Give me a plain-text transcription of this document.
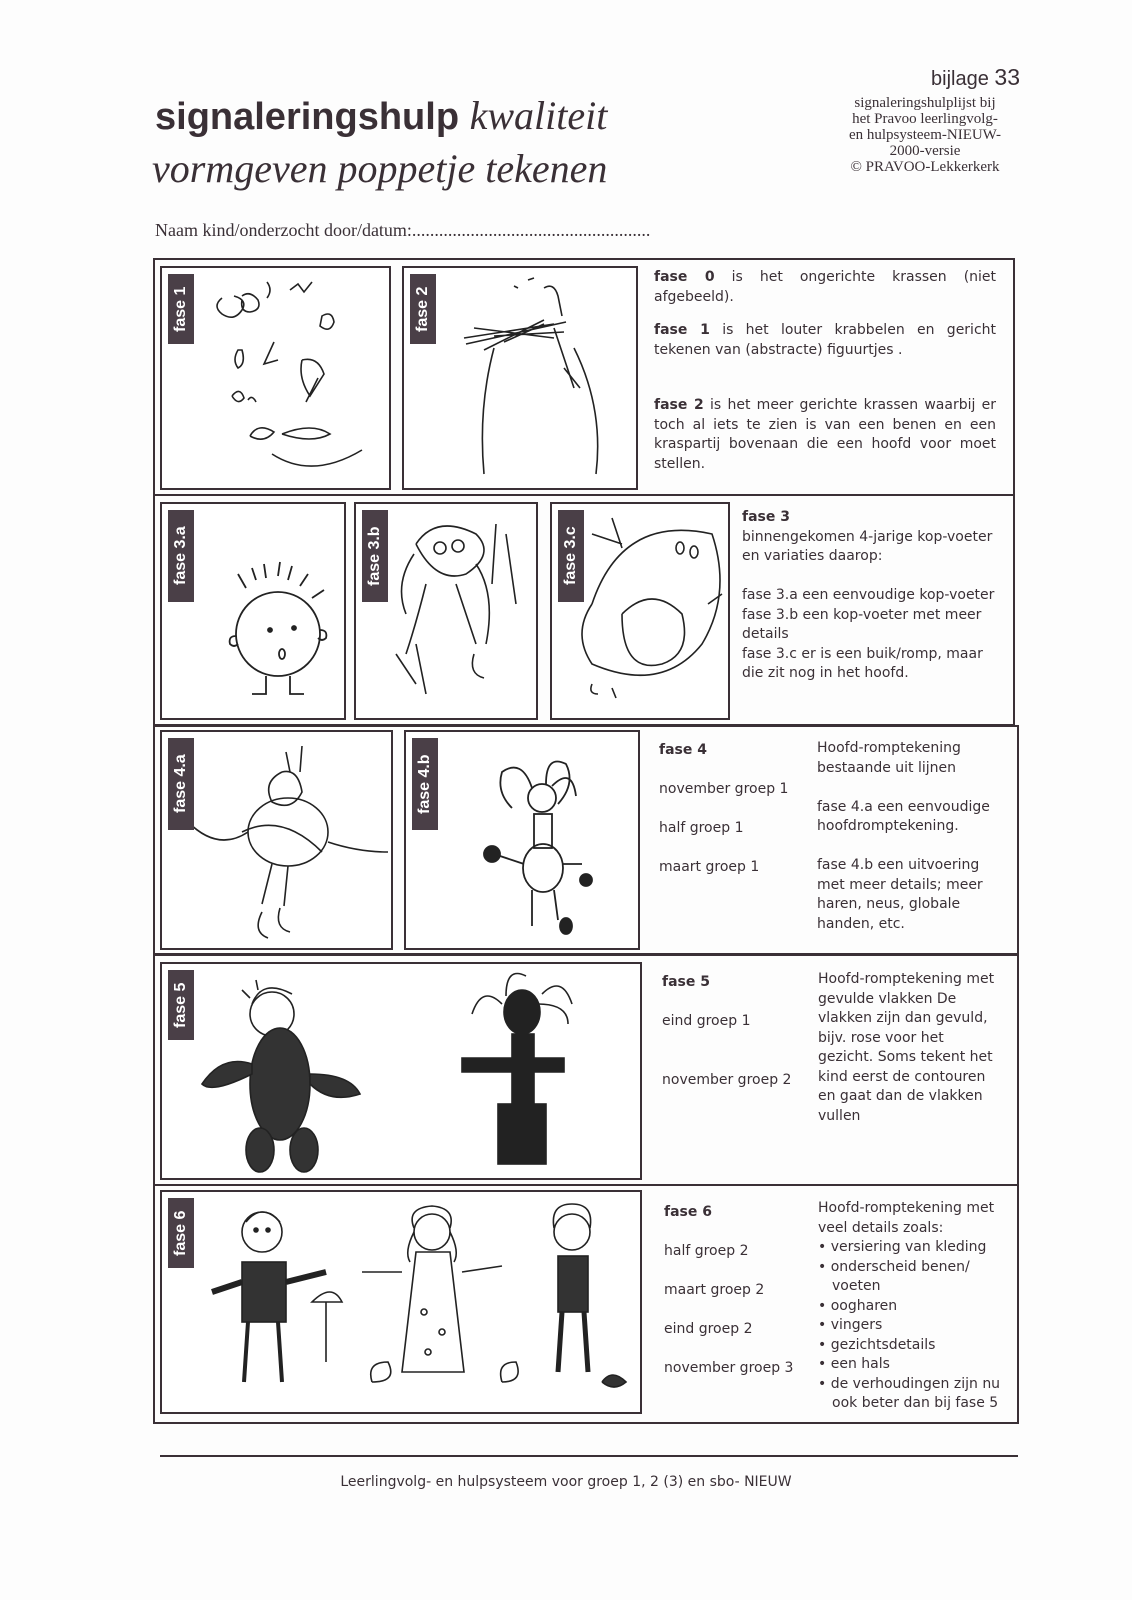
signaleringshulp kwaliteit
vormgeven poppetje tekenen
Naam kind/onderzocht door/datum:.....................................................
bijlage 33
signaleringshulplijst bij
het Pravoo leerlingvolg-
en hulpsysteem-NIEUW-
2000-versie
© PRAVOO-Lekkerkerk
fase 1	fase 2

fase 0 is het ongerichte krassen (niet afgebeeld).

fase 1 is het louter krabbelen en gericht tekenen van (abstracte) figuurtjes .

fase 2 is het meer gerichte krassen waarbij er toch al iets te zien is van een benen en een kraspartij bovenaan die een hoofd voor moet stellen.

fase 3.a	fase 3.b	fase 3.c
fase 3
binnengekomen 4-jarige kop-voeter en variaties daarop:
fase 3.a een eenvoudige kop-voeter
fase 3.b een kop-voeter met meer details
fase 3.c er is een buik/romp, maar die zit nog in het hoofd.
fase 4.a	fase 4.b
fase 4
november groep 1
half groep 1
maart groep 1
Hoofd-romptekening bestaande uit lijnen
fase 4.a een eenvoudige hoofdromptekening.
fase 4.b een uitvoering met meer details; meer haren, neus, globale handen, etc.
fase 5
fase 5
eind groep 1
november groep 2
Hoofd-romptekening met gevulde vlakken De vlakken zijn dan gevuld, bijv. rose voor het gezicht. Soms tekent het kind eerst de contouren en gaat dan de vlakken vullen
fase 6	fase 6
half groep 2
maart groep 2
eind groep 2
november groep 3
Hoofd-romptekening met veel details zoals:
• versiering van kleding
• onderscheid benen/ voeten
• oogharen
• vingers
• gezichtsdetails
• een hals
• de verhoudingen zijn nu ook beter dan bij fase 5
Leerlingvolg- en hulpsysteem voor groep 1, 2 (3) en sbo- NIEUW
